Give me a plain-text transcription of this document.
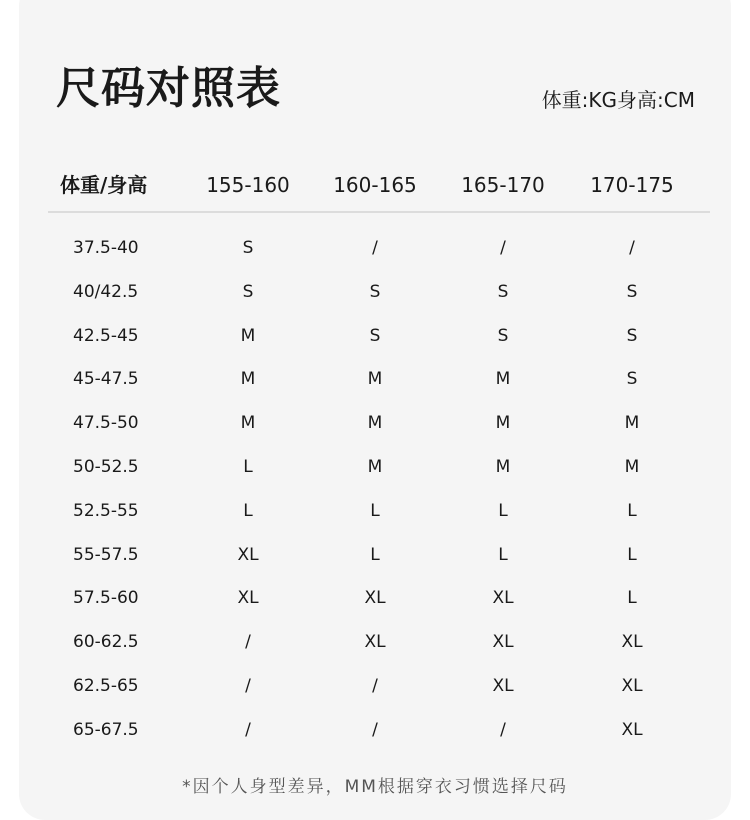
尺码对照表	体重:KG身高:CM
体重/身高	155-160	160-165	165-170	170-175
37.5-40	S	/	/	/
40/42.5	S	S	S	S
42.5-45	M	S	S	S
45-47.5	M	M	M	S
47.5-50	M	M	M	M
50-52.5	L	M	M	M
52.5-55	L	L	L	L
55-57.5	XL	L	L	L
57.5-60	XL	XL	XL	L
60-62.5	/	XL	XL	XL
62.5-65	/	/	XL	XL
65-67.5	/	/	/	XL
*因个人身型差异，MM根据穿衣习惯选择尺码
